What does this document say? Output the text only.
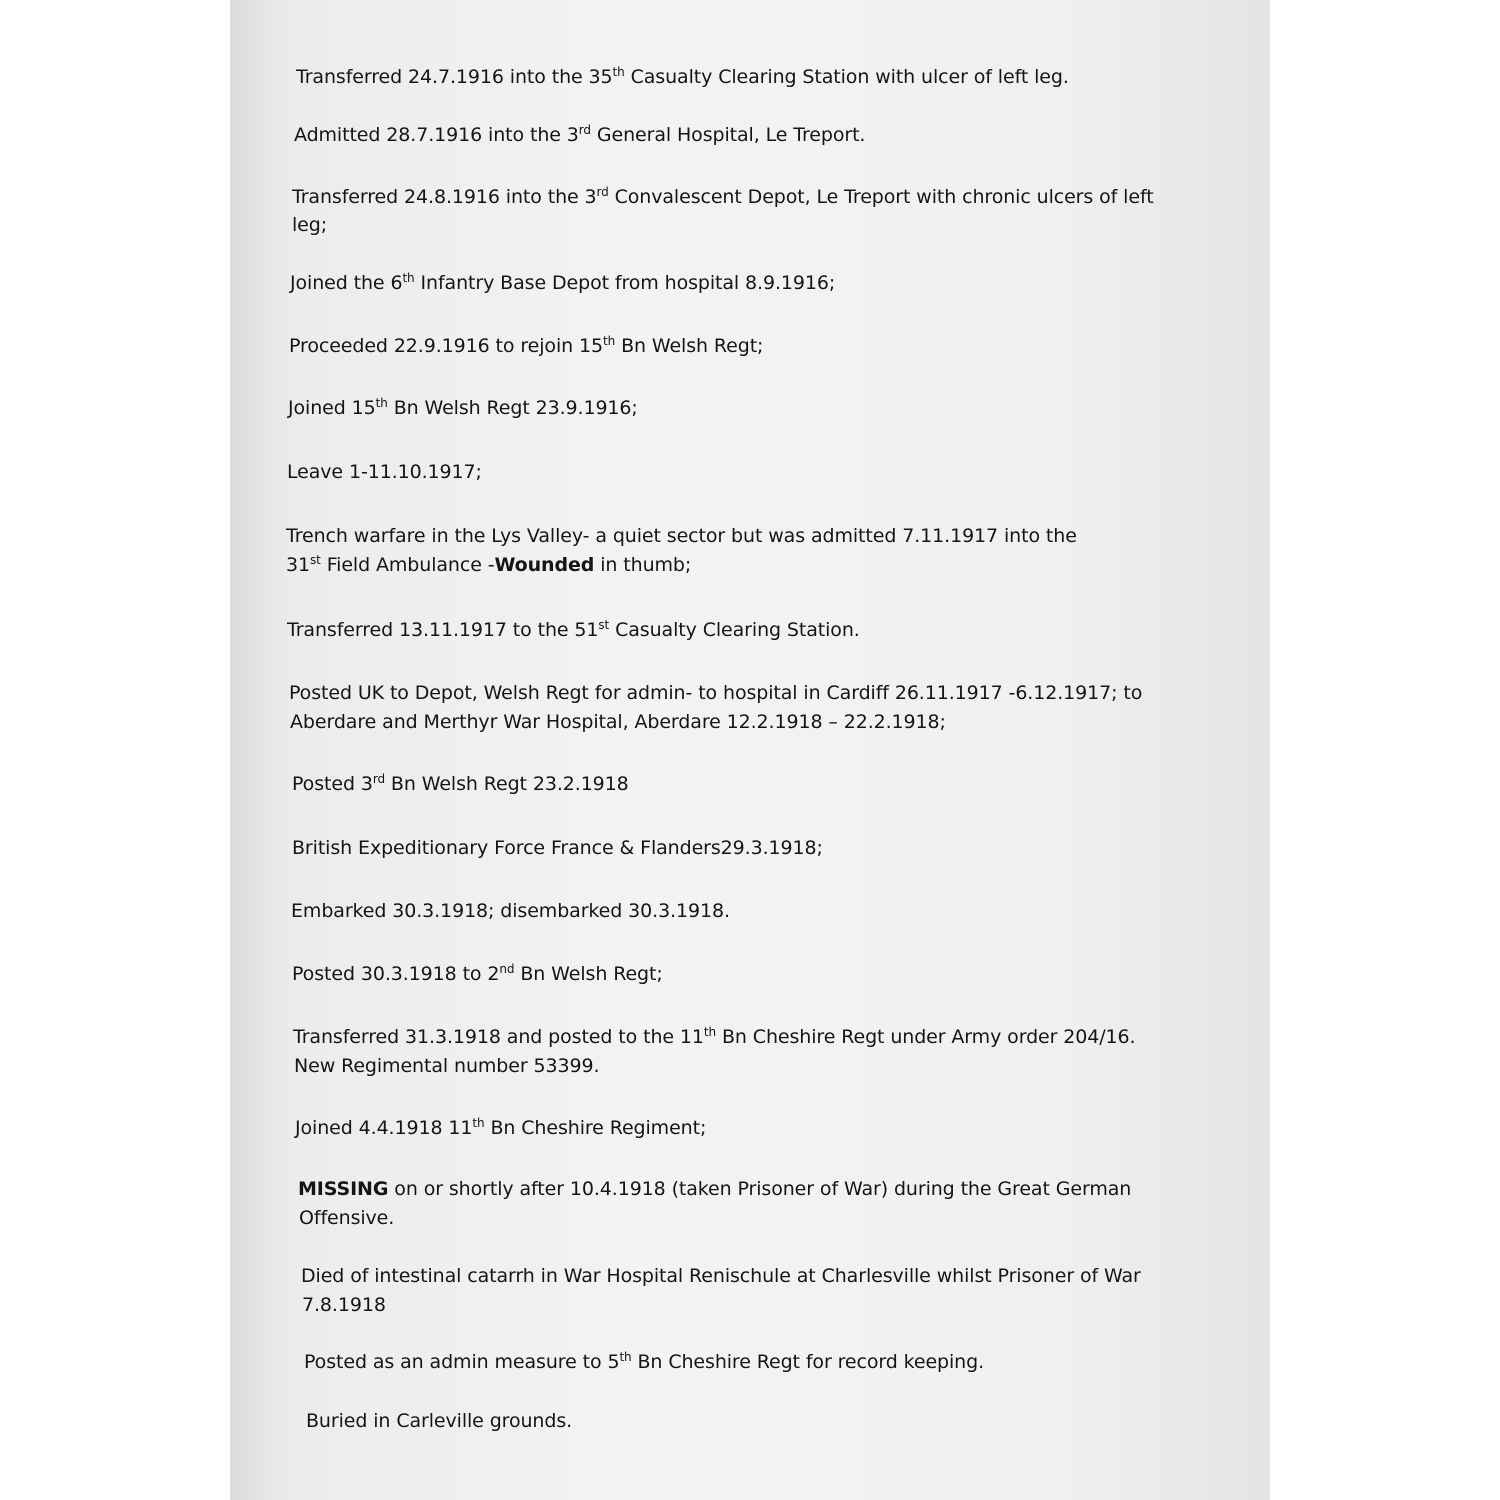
Transferred 24.7.1916 into the 35th Casualty Clearing Station with ulcer of left leg.
Admitted 28.7.1916 into the 3rd General Hospital, Le Treport.
Transferred 24.8.1916 into the 3rd Convalescent Depot, Le Treport with chronic ulcers of left
leg;
Joined the 6th Infantry Base Depot from hospital 8.9.1916;
Proceeded 22.9.1916 to rejoin 15th Bn Welsh Regt;
Joined 15th Bn Welsh Regt 23.9.1916;
Leave 1-11.10.1917;
Trench warfare in the Lys Valley- a quiet sector but was admitted 7.11.1917 into the
31st Field Ambulance -Wounded in thumb;
Transferred 13.11.1917 to the 51st Casualty Clearing Station.
Posted UK to Depot, Welsh Regt for admin- to hospital in Cardiff 26.11.1917 -6.12.1917; to
Aberdare and Merthyr War Hospital, Aberdare 12.2.1918 – 22.2.1918;
Posted 3rd Bn Welsh Regt 23.2.1918
British Expeditionary Force France & Flanders29.3.1918;
Embarked 30.3.1918; disembarked 30.3.1918.
Posted 30.3.1918 to 2nd Bn Welsh Regt;
Transferred 31.3.1918 and posted to the 11th Bn Cheshire Regt under Army order 204/16.
New Regimental number 53399.
Joined 4.4.1918 11th Bn Cheshire Regiment;
MISSING on or shortly after 10.4.1918 (taken Prisoner of War) during the Great German
Offensive.
Died of intestinal catarrh in War Hospital Renischule at Charlesville whilst Prisoner of War
7.8.1918
Posted as an admin measure to 5th Bn Cheshire Regt for record keeping.
Buried in Carleville grounds.
